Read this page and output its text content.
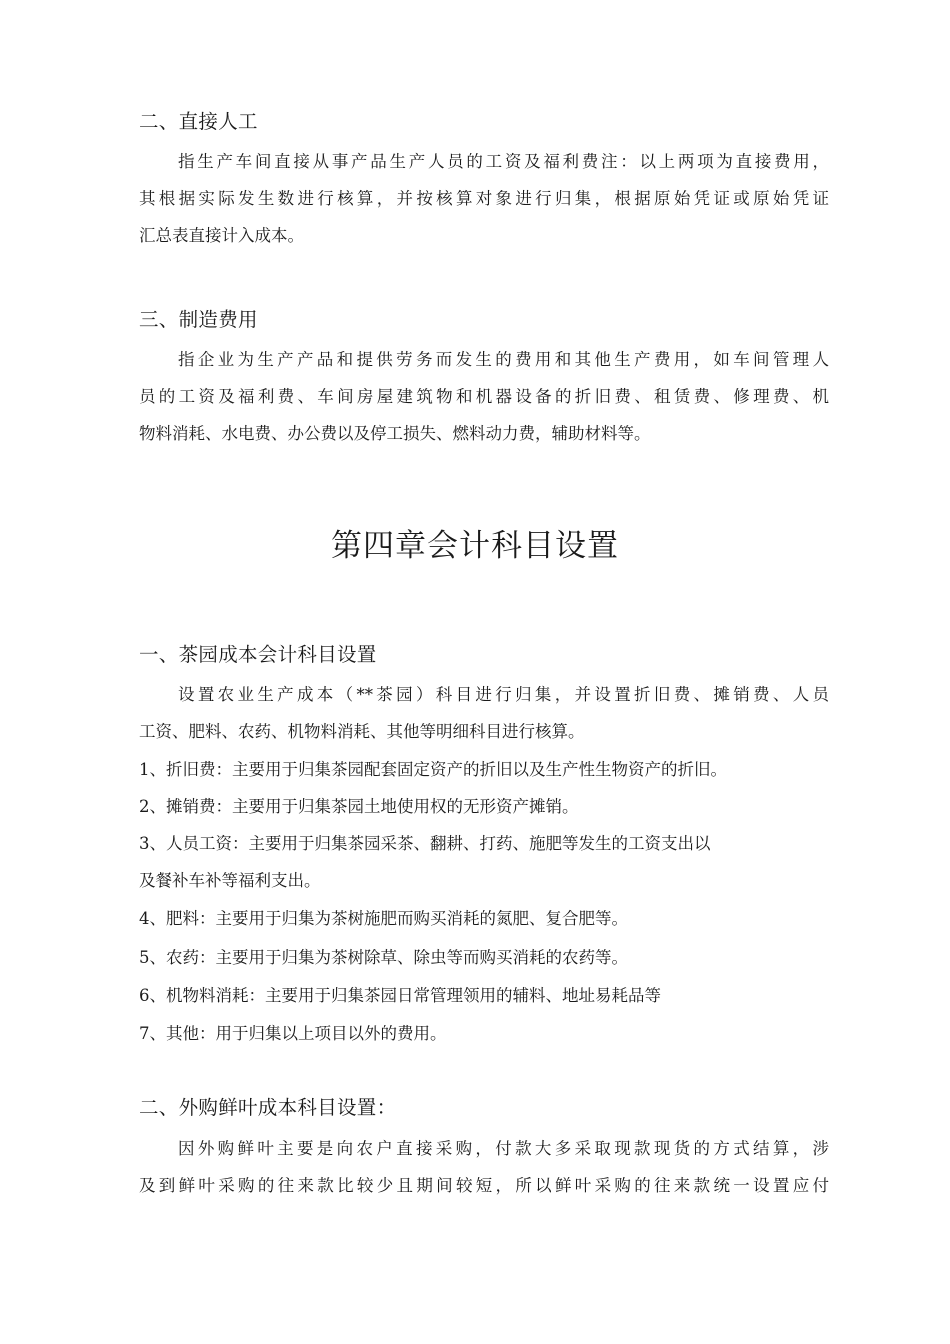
二、直接人工
指生产车间直接从事产品生产人员的工资及福利费注：以上两项为直接费用，
其根据实际发生数进行核算，并按核算对象进行归集，根据原始凭证或原始凭证
汇总表直接计入成本。
三、制造费用
指企业为生产产品和提供劳务而发生的费用和其他生产费用，如车间管理人
员的工资及福利费、车间房屋建筑物和机器设备的折旧费、租赁费、修理费、机
物料消耗、水电费、办公费以及停工损失、燃料动力费，辅助材料等。
第四章会计科目设置
一、茶园成本会计科目设置
设置农业生产成本（**茶园）科目进行归集，并设置折旧费、摊销费、人员
工资、肥料、农药、机物料消耗、其他等明细科目进行核算。
1、折旧费：主要用于归集茶园配套固定资产的折旧以及生产性生物资产的折旧。
2、摊销费：主要用于归集茶园土地使用权的无形资产摊销。
3、人员工资：主要用于归集茶园采茶、翻耕、打药、施肥等发生的工资支出以
及餐补车补等福利支出。
4、肥料：主要用于归集为茶树施肥而购买消耗的氮肥、复合肥等。
5、农药：主要用于归集为茶树除草、除虫等而购买消耗的农药等。
6、机物料消耗：主要用于归集茶园日常管理领用的辅料、地址易耗品等
7、其他：用于归集以上项目以外的费用。
二、外购鲜叶成本科目设置：
因外购鲜叶主要是向农户直接采购，付款大多采取现款现货的方式结算，涉
及到鲜叶采购的往来款比较少且期间较短，所以鲜叶采购的往来款统一设置应付
